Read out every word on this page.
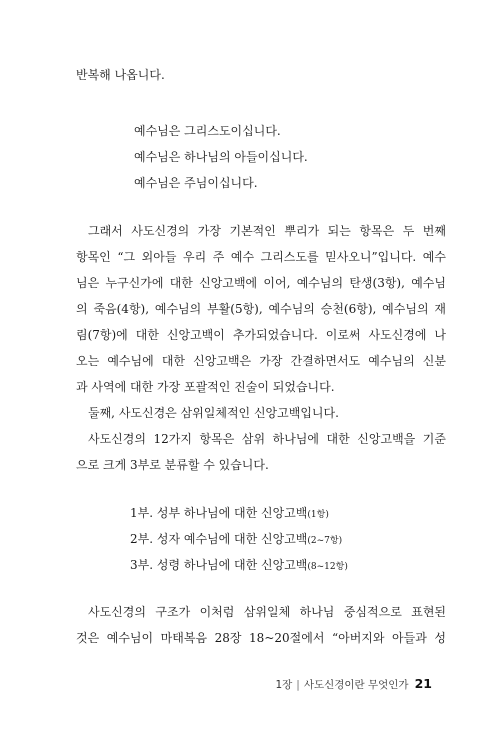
반복해 나옵니다.
예수님은 그리스도이십니다.
예수님은 하나님의 아들이십니다.
예수님은 주님이십니다.
그래서 사도신경의 가장 기본적인 뿌리가 되는 항목은 두 번째
항목인 “그 외아들 우리 주 예수 그리스도를 믿사오니”입니다. 예수
님은 누구신가에 대한 신앙고백에 이어, 예수님의 탄생(3항), 예수님
의 죽음(4항), 예수님의 부활(5항), 예수님의 승천(6항), 예수님의 재
림(7항)에 대한 신앙고백이 추가되었습니다. 이로써 사도신경에 나
오는 예수님에 대한 신앙고백은 가장 간결하면서도 예수님의 신분
과 사역에 대한 가장 포괄적인 진술이 되었습니다.
둘째, 사도신경은 삼위일체적인 신앙고백입니다.
사도신경의 12가지 항목은 삼위 하나님에 대한 신앙고백을 기준
으로 크게 3부로 분류할 수 있습니다.
1부. 성부 하나님에 대한 신앙고백(1항)
2부. 성자 예수님에 대한 신앙고백(2~7항)
3부. 성령 하나님에 대한 신앙고백(8~12항)
사도신경의 구조가 이처럼 삼위일체 하나님 중심적으로 표현된
것은 예수님이 마태복음 28장 18~20절에서 “아버지와 아들과 성
1장 | 사도신경이란 무엇인가 21
